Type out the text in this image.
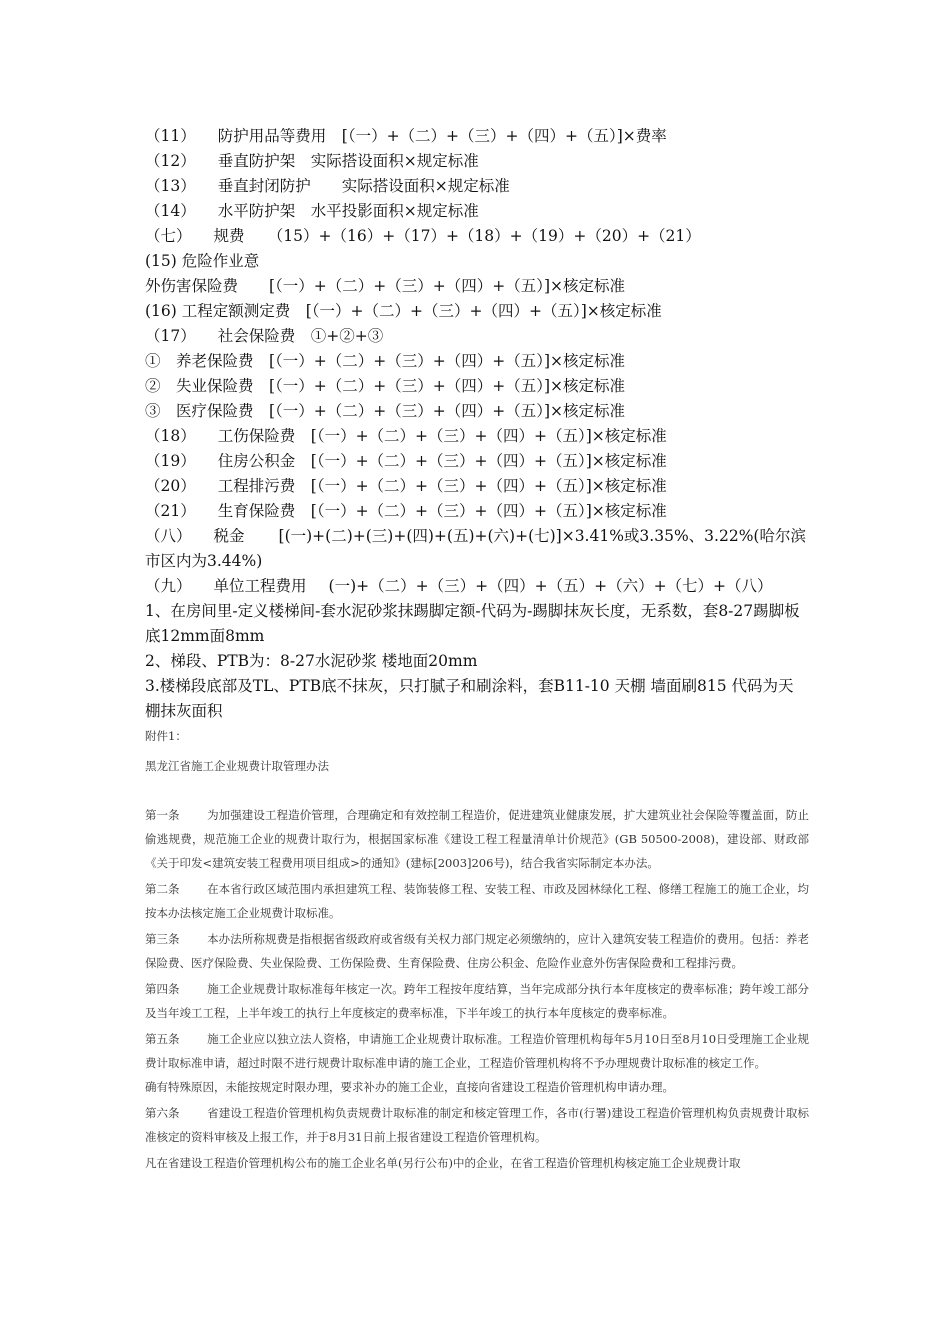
（11） 防护用品等费用　 [（一）+（二）+（三）+（四）+（五）]×费率
（12） 垂直防护架　 实际搭设面积×规定标准
（13） 垂直封闭防护　　 实际搭设面积×规定标准
（14） 水平防护架　 水平投影面积×规定标准
（七） 规费　　 （15）+（16）+（17）+（18）+（19）+（20）+（21）
(15) 危险作业意
外伤害保险费　　[（一）+（二）+（三）+（四）+（五）]×核定标准
(16) 工程定额测定费　[（一）+（二）+（三）+（四）+（五）]×核定标准
（17） 社会保险费　 ①+②+③
①　养老保险费　[（一）+（二）+（三）+（四）+（五）]×核定标准
②　失业保险费　[（一）+（二）+（三）+（四）+（五）]×核定标准
③　医疗保险费　[（一）+（二）+（三）+（四）+（五）]×核定标准
（18） 工伤保险费　 [（一）+（二）+（三）+（四）+（五）]×核定标准
（19） 住房公积金　 [（一）+（二）+（三）+（四）+（五）]×核定标准
（20） 工程排污费　 [（一）+（二）+（三）+（四）+（五）]×核定标准
（21） 生育保险费　 [（一）+（二）+（三）+（四）+（五）]×核定标准
（八） 税金 [(一)+(二)+(三)+(四)+(五)+(六)+(七)]×3.41%或3.35%、3.22%(哈尔滨市区内为3.44%)
（九） 单位工程费用 (一)+（二）+（三）+（四）+（五）+（六）+（七）+（八）
1、在房间里-定义楼梯间-套水泥砂浆抹踢脚定额-代码为-踢脚抹灰长度，无系数，套8-27踢脚板底12mm面8mm
2、梯段、PTB为：8-27水泥砂浆 楼地面20mm
3.楼梯段底部及TL、PTB底不抹灰，只打腻子和刷涂料，套B11-10 天棚 墙面刷815 代码为天棚抹灰面积
附件1：
黑龙江省施工企业规费计取管理办法
第一条 为加强建设工程造价管理，合理确定和有效控制工程造价，促进建筑业健康发展，扩大建筑业社会保险等覆盖面，防止偷逃规费，规范施工企业的规费计取行为，根据国家标准《建设工程工程量清单计价规范》(GB 50500-2008)，建设部、财政部《关于印发<建筑安装工程费用项目组成>的通知》(建标[2003]206号)，结合我省实际制定本办法。
第二条 在本省行政区域范围内承担建筑工程、装饰装修工程、安装工程、市政及园林绿化工程、修缮工程施工的施工企业，均按本办法核定施工企业规费计取标准。
第三条 本办法所称规费是指根据省级政府或省级有关权力部门规定必须缴纳的，应计入建筑安装工程造价的费用。包括：养老保险费、医疗保险费、失业保险费、工伤保险费、生育保险费、住房公积金、危险作业意外伤害保险费和工程排污费。
第四条 施工企业规费计取标准每年核定一次。跨年工程按年度结算，当年完成部分执行本年度核定的费率标准；跨年竣工部分及当年竣工工程，上半年竣工的执行上年度核定的费率标准，下半年竣工的执行本年度核定的费率标准。
第五条 施工企业应以独立法人资格，申请施工企业规费计取标准。工程造价管理机构每年5月10日至8月10日受理施工企业规费计取标准申请，超过时限不进行规费计取标准申请的施工企业，工程造价管理机构将不予办理规费计取标准的核定工作。
确有特殊原因，未能按规定时限办理，要求补办的施工企业，直接向省建设工程造价管理机构申请办理。
第六条 省建设工程造价管理机构负责规费计取标准的制定和核定管理工作，各市(行署)建设工程造价管理机构负责规费计取标准核定的资料审核及上报工作，并于8月31日前上报省建设工程造价管理机构。
凡在省建设工程造价管理机构公布的施工企业名单(另行公布)中的企业，在省工程造价管理机构核定施工企业规费计取
